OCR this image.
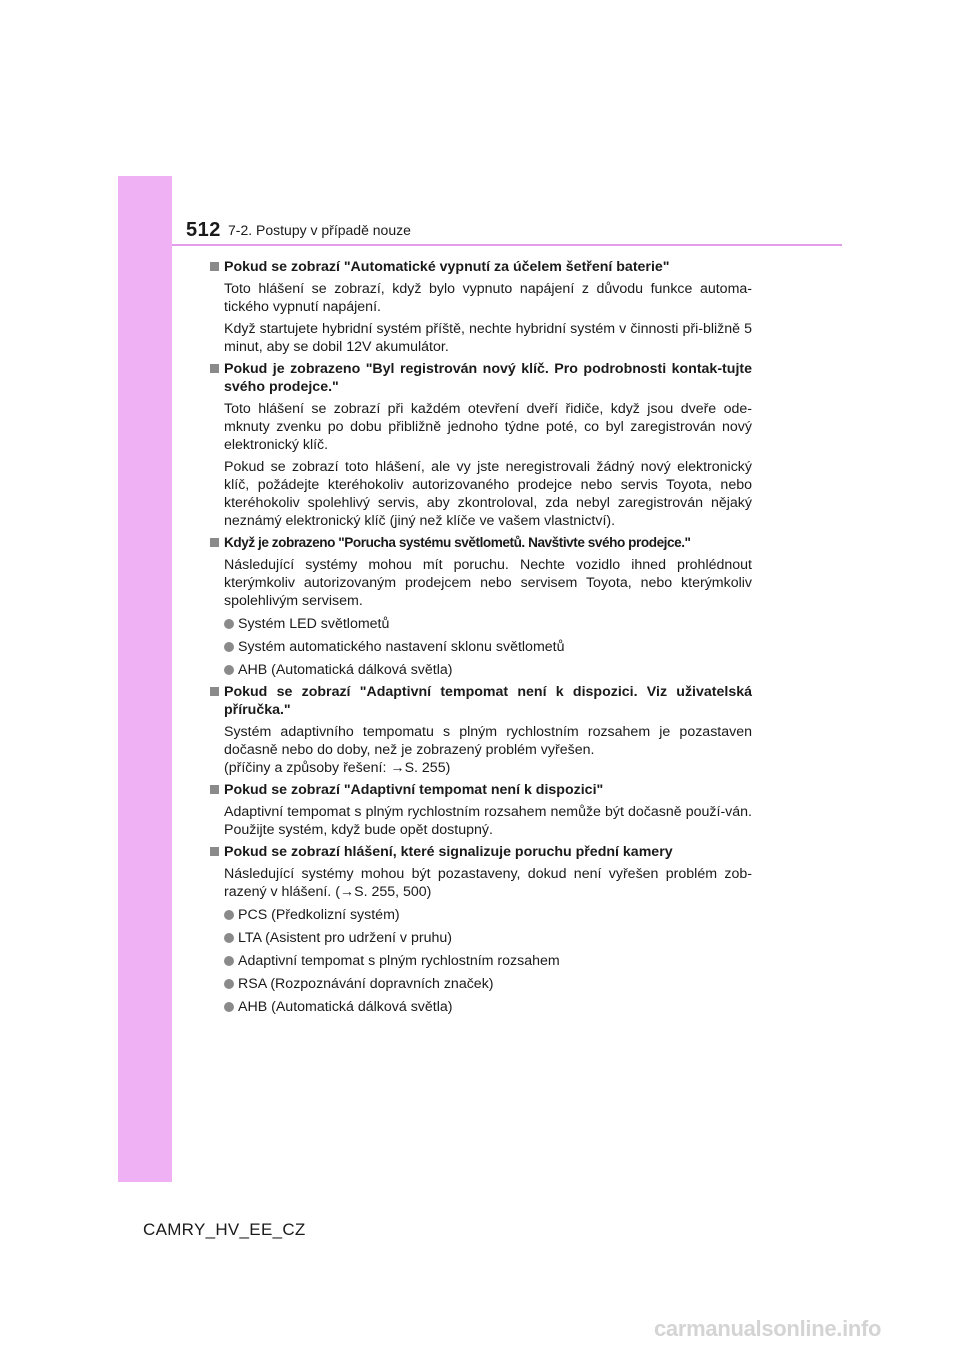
512 7-2. Postupy v případě nouze
Pokud se zobrazí "Automatické vypnutí za účelem šetření baterie"
Toto hlášení se zobrazí, když bylo vypnuto napájení z důvodu funkce automa-tického vypnutí napájení.
Když startujete hybridní systém příště, nechte hybridní systém v činnosti při-bližně 5 minut, aby se dobil 12V akumulátor.
Pokud je zobrazeno "Byl registrován nový klíč. Pro podrobnosti kontak-tujte svého prodejce."
Toto hlášení se zobrazí při každém otevření dveří řidiče, když jsou dveře ode-mknuty zvenku po dobu přibližně jednoho týdne poté, co byl zaregistrován nový elektronický klíč.
Pokud se zobrazí toto hlášení, ale vy jste neregistrovali žádný nový elektronický klíč, požádejte kteréhokoliv autorizovaného prodejce nebo servis Toyota, nebo kteréhokoliv spolehlivý servis, aby zkontroloval, zda nebyl zaregistrován nějaký neznámý elektronický klíč (jiný než klíče ve vašem vlastnictví).
Když je zobrazeno "Porucha systému světlometů. Navštivte svého prodejce."
Následující systémy mohou mít poruchu. Nechte vozidlo ihned prohlédnout kterýmkoliv autorizovaným prodejcem nebo servisem Toyota, nebo kterýmkoliv spolehlivým servisem.
Systém LED světlometů
Systém automatického nastavení sklonu světlometů
AHB (Automatická dálková světla)
Pokud se zobrazí "Adaptivní tempomat není k dispozici. Viz uživatelská příručka."
Systém adaptivního tempomatu s plným rychlostním rozsahem je pozastaven dočasně nebo do doby, než je zobrazený problém vyřešen.
(příčiny a způsoby řešení: →S. 255)
Pokud se zobrazí "Adaptivní tempomat není k dispozici"
Adaptivní tempomat s plným rychlostním rozsahem nemůže být dočasně použí-ván. Použijte systém, když bude opět dostupný.
Pokud se zobrazí hlášení, které signalizuje poruchu přední kamery
Následující systémy mohou být pozastaveny, dokud není vyřešen problém zob-razený v hlášení. (→S. 255, 500)
PCS (Předkolizní systém)
LTA (Asistent pro udržení v pruhu)
Adaptivní tempomat s plným rychlostním rozsahem
RSA (Rozpoznávání dopravních značek)
AHB (Automatická dálková světla)
CAMRY_HV_EE_CZ
carmanualsonline.info
